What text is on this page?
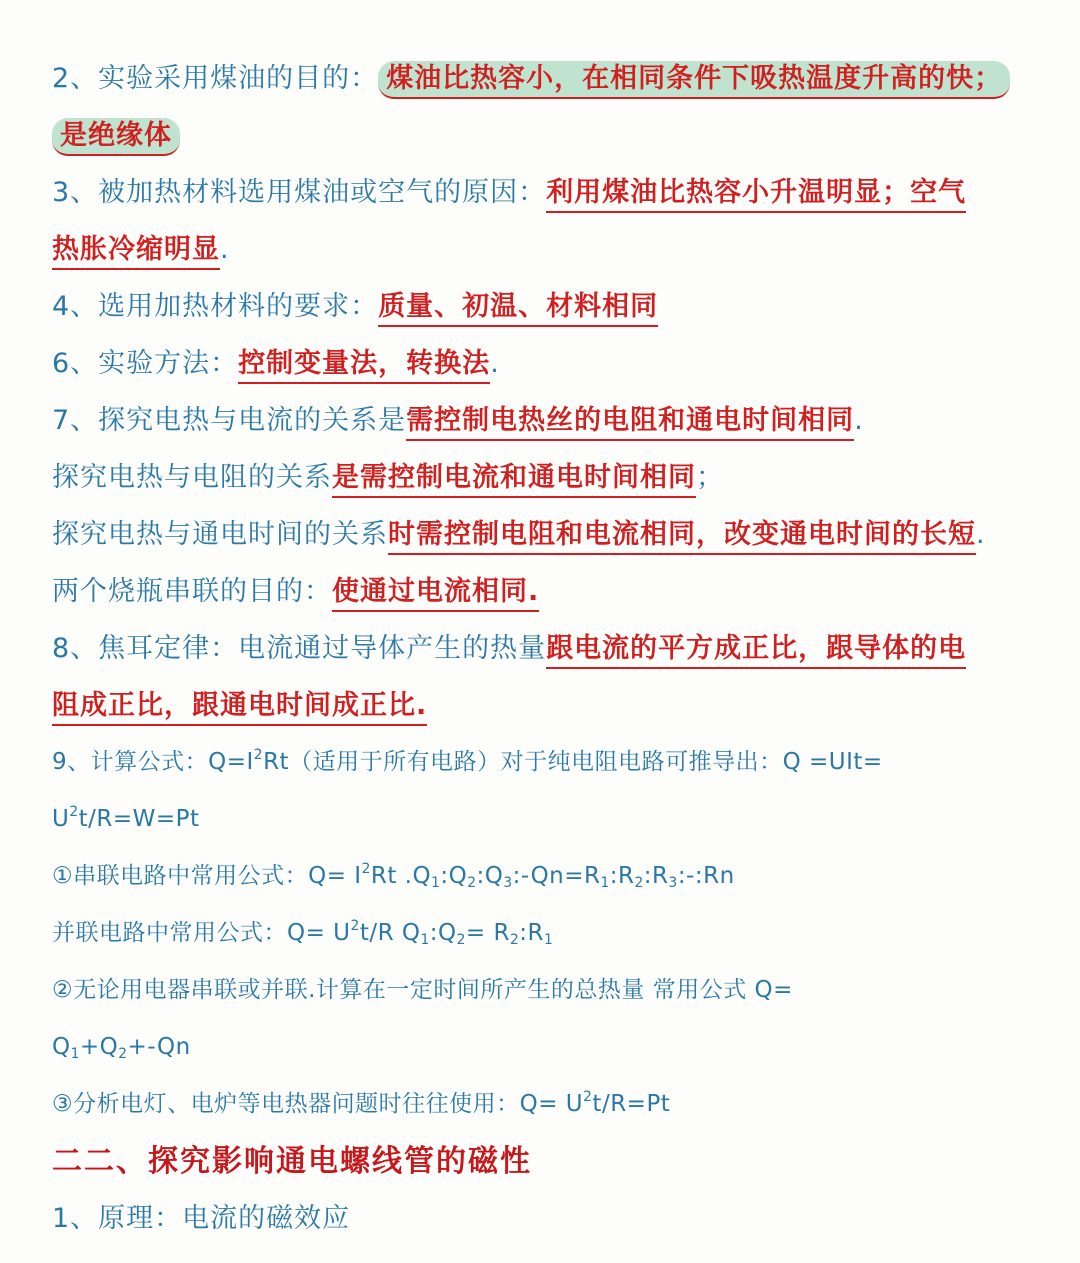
2、实验采用煤油的目的： 煤油比热容小，在相同条件下吸热温度升高的快；
是绝缘体
3、被加热材料选用煤油或空气的原因：利用煤油比热容小升温明显；空气
热胀冷缩明显.
4、选用加热材料的要求：质量、初温、材料相同
6、实验方法：控制变量法，转换法.
7、探究电热与电流的关系是需控制电热丝的电阻和通电时间相同.
探究电热与电阻的关系是需控制电流和通电时间相同；
探究电热与通电时间的关系时需控制电阻和电流相同，改变通电时间的长短.
两个烧瓶串联的目的：使通过电流相同.
8、焦耳定律：电流通过导体产生的热量跟电流的平方成正比，跟导体的电
阻成正比，跟通电时间成正比.
9、计算公式：$Q=I^2Rt$（适用于所有电路）对于纯电阻电路可推导出：Q =UIt=
$U^2t/R=W=Pt$
①串联电路中常用公式：$Q= I^2Rt$ $.Q_1:Q_2:Q_3:-Qn=R_1:R_2:R_3:-:Rn$
并联电路中常用公式：$Q= U^2t/R$ $Q_1:Q_2=$ $R_2:R_1$
②无论用电器串联或并联.计算在一定时间所产生的总热量 常用公式 Q=
$Q_1+Q_2+-Qn$
③分析电灯、电炉等电热器问题时往往使用：$Q= U^2t/R=Pt$
二二、探究影响通电螺线管的磁性
1、原理：电流的磁效应
